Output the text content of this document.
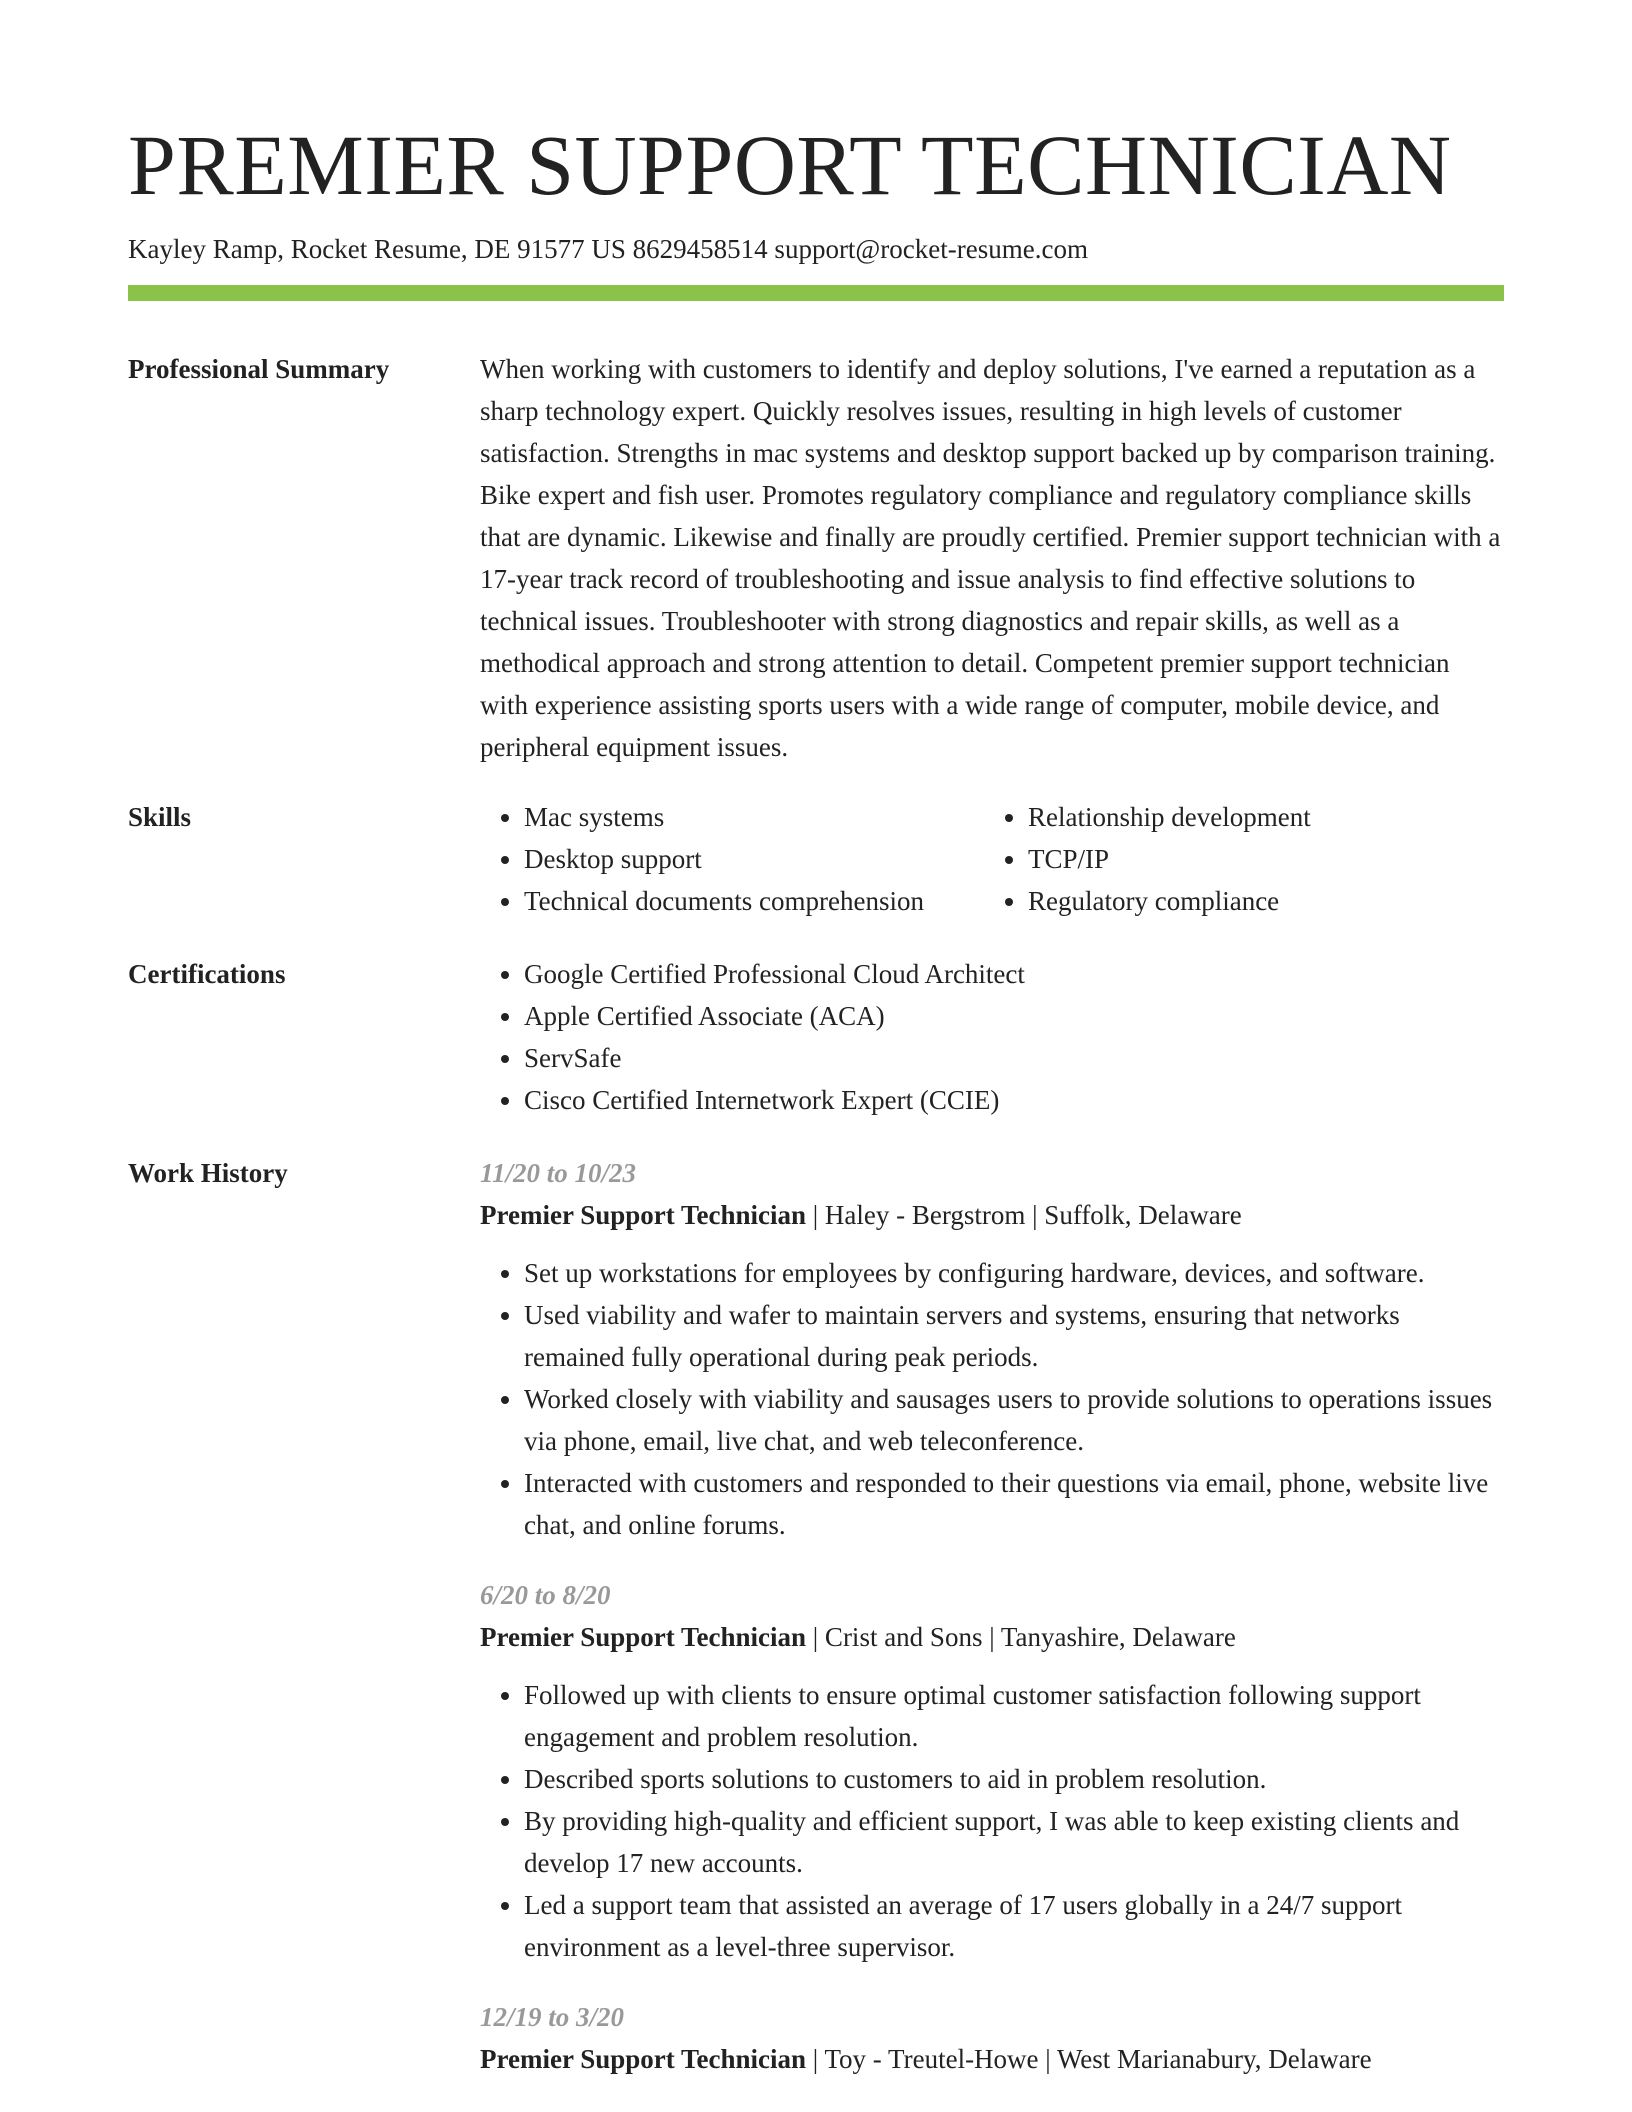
PREMIER SUPPORT TECHNICIAN
Kayley Ramp, Rocket Resume, DE 91577 US 8629458514 support@rocket-resume.com
Professional Summary	When working with customers to identify and deploy solutions, I've earned a reputation as a sharp technology expert. Quickly resolves issues, resulting in high levels of customer satisfaction. Strengths in mac systems and desktop support backed up by comparison training. Bike expert and fish user. Promotes regulatory compliance and regulatory compliance skills that are dynamic. Likewise and finally are proudly certified. Premier support technician with a 17-year track record of troubleshooting and issue analysis to find effective solutions to technical issues. Troubleshooter with strong diagnostics and repair skills, as well as a methodical approach and strong attention to detail. Competent premier support technician with experience assisting sports users with a wide range of computer, mobile device, and peripheral equipment issues.

Skills	• Mac systems
• Desktop support
• Technical documents comprehension
• Relationship development
• TCP/IP
• Regulatory compliance
Certifications	• Google Certified Professional Cloud Architect
• Apple Certified Associate (ACA)
• ServSafe
• Cisco Certified Internetwork Expert (CCIE)
Work History	11/20 to 10/23
Premier Support Technician | Haley - Bergstrom | Suffolk, Delaware
• Set up workstations for employees by configuring hardware, devices, and software.
• Used viability and wafer to maintain servers and systems, ensuring that networks remained fully operational during peak periods.
• Worked closely with viability and sausages users to provide solutions to operations issues via phone, email, live chat, and web teleconference.
• Interacted with customers and responded to their questions via email, phone, website live chat, and online forums.
6/20 to 8/20
Premier Support Technician | Crist and Sons | Tanyashire, Delaware
• Followed up with clients to ensure optimal customer satisfaction following support engagement and problem resolution.
• Described sports solutions to customers to aid in problem resolution.
• By providing high-quality and efficient support, I was able to keep existing clients and develop 17 new accounts.
• Led a support team that assisted an average of 17 users globally in a 24/7 support environment as a level-three supervisor.
12/19 to 3/20
Premier Support Technician | Toy - Treutel-Howe | West Marianabury, Delaware
